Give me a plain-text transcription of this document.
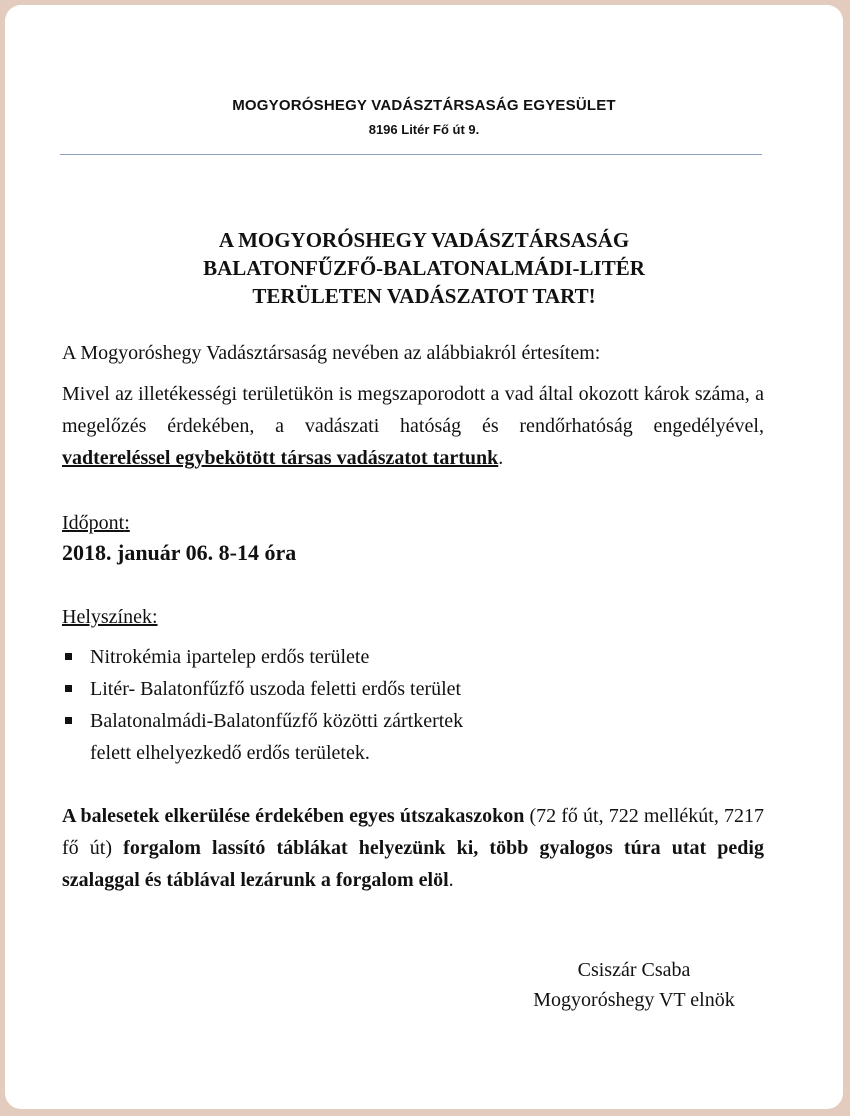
MOGYORÓSHEGY VADÁSZTÁRSASÁG EGYESÜLET
8196 Litér Fő út 9.
A MOGYORÓSHEGY VADÁSZTÁRSASÁG
BALATONFŰZFŐ-BALATONALMÁDI-LITÉR
TERÜLETEN VADÁSZATOT TART!
A Mogyoróshegy Vadásztársaság nevében az alábbiakról értesítem:
Mivel az illetékességi területükön is megszaporodott a vad által okozott károk száma, a megelőzés érdekében, a vadászati hatóság és rendőrhatóság engedélyével, vadtereléssel egybekötött társas vadászatot tartunk.
Időpont:
2018. január 06. 8-14 óra
Helyszínek:
Nitrokémia ipartelep erdős területe
Litér- Balatonfűzfő uszoda feletti erdős terület
Balatonalmádi-Balatonfűzfő közötti zártkertek
felett elhelyezkedő erdős területek.
A balesetek elkerülése érdekében egyes útszakaszokon (72 fő út, 722 mellékút, 7217 fő út) forgalom lassító táblákat helyezünk ki, több gyalogos túra utat pedig szalaggal és táblával lezárunk a forgalom elöl.
Csiszár Csaba
Mogyoróshegy VT elnök
